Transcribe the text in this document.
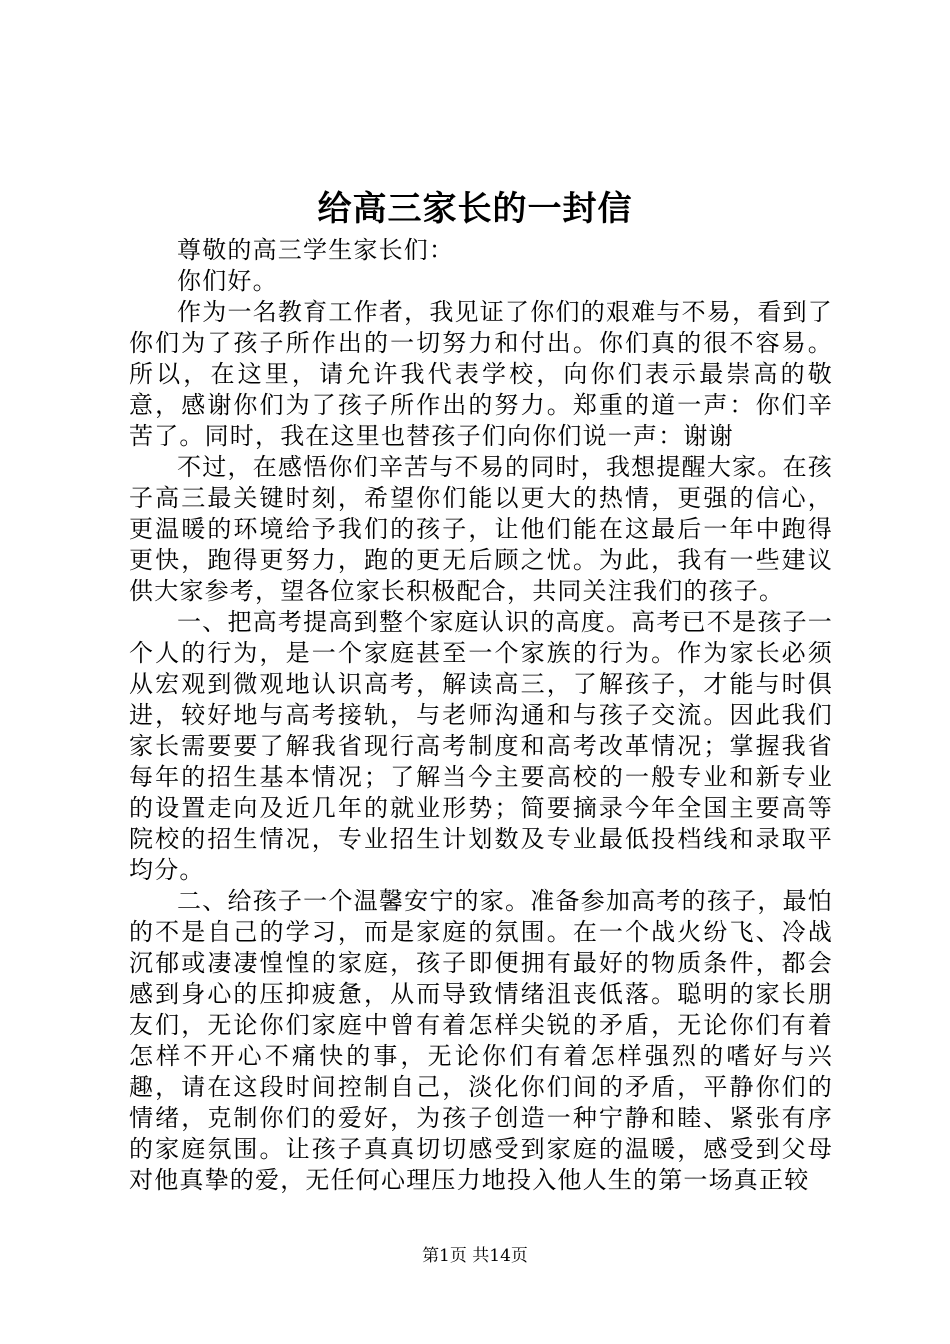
给高三家长的一封信

尊敬的高三学生家长们：

你们好。

作为一名教育工作者，我见证了你们的艰难与不易，看到了你们为了孩子所作出的一切努力和付出。你们真的很不容易。所以，在这里，请允许我代表学校，向你们表示最崇高的敬意，感谢你们为了孩子所作出的努力。郑重的道一声：你们辛苦了。同时，我在这里也替孩子们向你们说一声：谢谢

不过，在感悟你们辛苦与不易的同时，我想提醒大家。在孩子高三最关键时刻，希望你们能以更大的热情，更强的信心，更温暖的环境给予我们的孩子，让他们能在这最后一年中跑得更快，跑得更努力，跑的更无后顾之忧。为此，我有一些建议供大家参考，望各位家长积极配合，共同关注我们的孩子。

一、把高考提高到整个家庭认识的高度。高考已不是孩子一个人的行为，是一个家庭甚至一个家族的行为。作为家长必须从宏观到微观地认识高考，解读高三，了解孩子，才能与时俱进，较好地与高考接轨，与老师沟通和与孩子交流。因此我们家长需要要了解我省现行高考制度和高考改革情况；掌握我省每年的招生基本情况；了解当今主要高校的一般专业和新专业的设置走向及近几年的就业形势；简要摘录今年全国主要高等院校的招生情况，专业招生计划数及专业最低投档线和录取平均分。

二、给孩子一个温馨安宁的家。准备参加高考的孩子，最怕的不是自己的学习，而是家庭的氛围。在一个战火纷飞、冷战沉郁或凄凄惶惶的家庭，孩子即便拥有最好的物质条件，都会感到身心的压抑疲惫，从而导致情绪沮丧低落。聪明的家长朋友们，无论你们家庭中曾有着怎样尖锐的矛盾，无论你们有着怎样不开心不痛快的事，无论你们有着怎样强烈的嗜好与兴趣，请在这段时间控制自己，淡化你们间的矛盾，平静你们的情绪，克制你们的爱好，为孩子创造一种宁静和睦、紧张有序的家庭氛围。让孩子真真切切感受到家庭的温暖，感受到父母对他真挚的爱，无任何心理压力地投入他人生的第一场真正较

第1页 共14页
